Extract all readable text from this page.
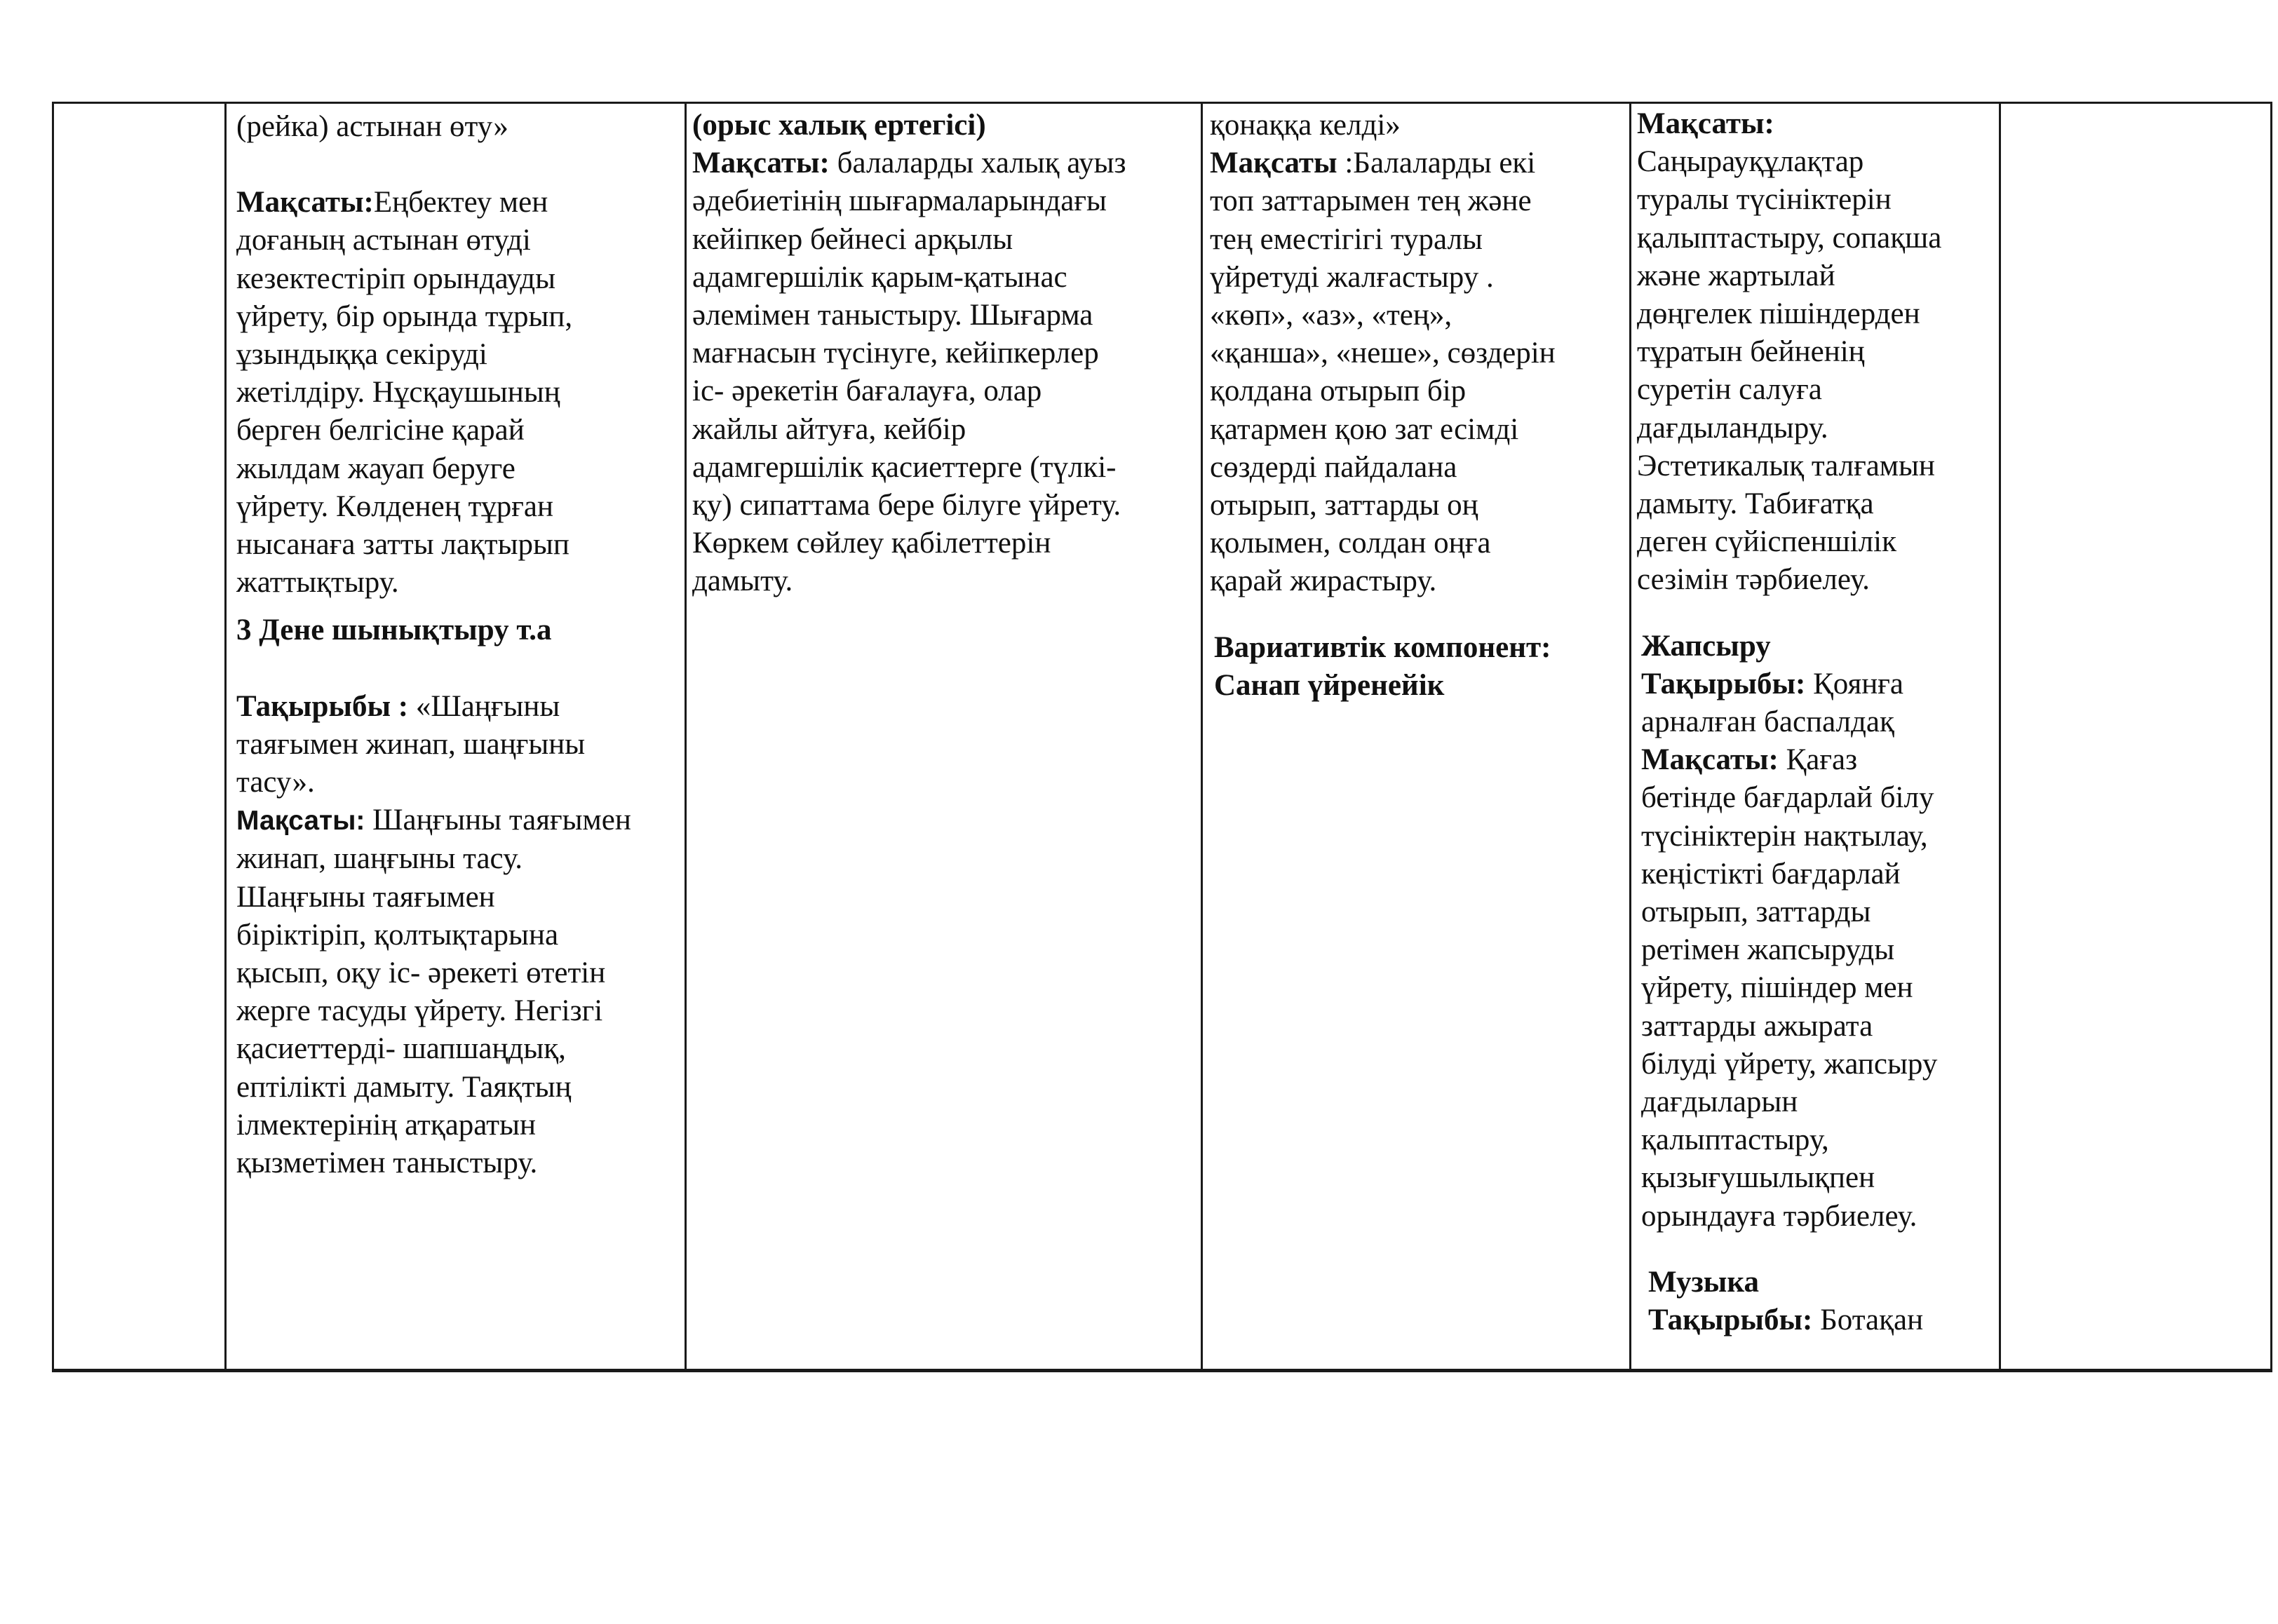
(рейка) астынан өту»
Мақсаты:Еңбектеу мен
доғаның астынан өтуді
кезектестіріп орындауды
үйрету, бір орында тұрып,
ұзындыққа секіруді
жетілдіру. Нұсқаушының
берген белгісіне қарай
жылдам жауап беруге
үйрету. Көлденең тұрған
нысанаға затты лақтырып
жаттықтыру.
3 Дене шынықтыру т.а
Тақырыбы : «Шаңғыны
таяғымен жинап, шаңғыны
тасу».
Мақсаты: Шаңғыны таяғымен
жинап, шаңғыны тасу.
Шаңғыны таяғымен
біріктіріп, қолтықтарына
қысып, оқу іс- әрекеті өтетін
жерге тасуды үйрету. Негізгі
қасиеттерді- шапшаңдық,
ептілікті дамыту. Таяқтың
ілмектерінің атқаратын
қызметімен таныстыру.
(орыс халық ертегісі)
Мақсаты: балаларды халық ауыз
әдебиетінің шығармаларындағы
кейіпкер бейнесі арқылы
адамгершілік қарым-қатынас
әлемімен таныстыру. Шығарма
мағнасын түсінуге, кейіпкерлер
іс- әрекетін бағалауға, олар
жайлы айтуға, кейбір
адамгершілік қасиеттерге (түлкі-
қу) сипаттама бере білуге үйрету.
Көркем сөйлеу қабілеттерін
дамыту.
қонаққа келді»
Мақсаты :Балаларды екі
топ заттарымен тең және
тең еместігігі туралы
үйретуді жалғастыру .
«көп», «аз», «тең»,
«қанша», «неше», сөздерін
қолдана отырып бір
қатармен қою зат есімді
сөздерді пайдалана
отырып, заттарды оң
қолымен, солдан оңға
қарай жирастыру.
Вариативтік компонент:
Санап үйренейік
Мақсаты:
Саңырауқұлақтар
туралы түсініктерін
қалыптастыру, сопақша
және жартылай
дөңгелек пішіндерден
тұратын бейненің
суретін салуға
дағдыландыру.
Эстетикалық талғамын
дамыту. Табиғатқа
деген сүйіспеншілік
сезімін тәрбиелеу.
Жапсыру
Тақырыбы: Қоянға
арналған баспалдақ
Мақсаты: Қағаз
бетінде бағдарлай білу
түсініктерін нақтылау,
кеңістікті бағдарлай
отырып, заттарды
ретімен жапсыруды
үйрету, пішіндер мен
заттарды ажырата
білуді үйрету, жапсыру
дағдыларын
қалыптастыру,
қызығушылықпен
орындауға тәрбиелеу.
Музыка
Тақырыбы: Ботақан
